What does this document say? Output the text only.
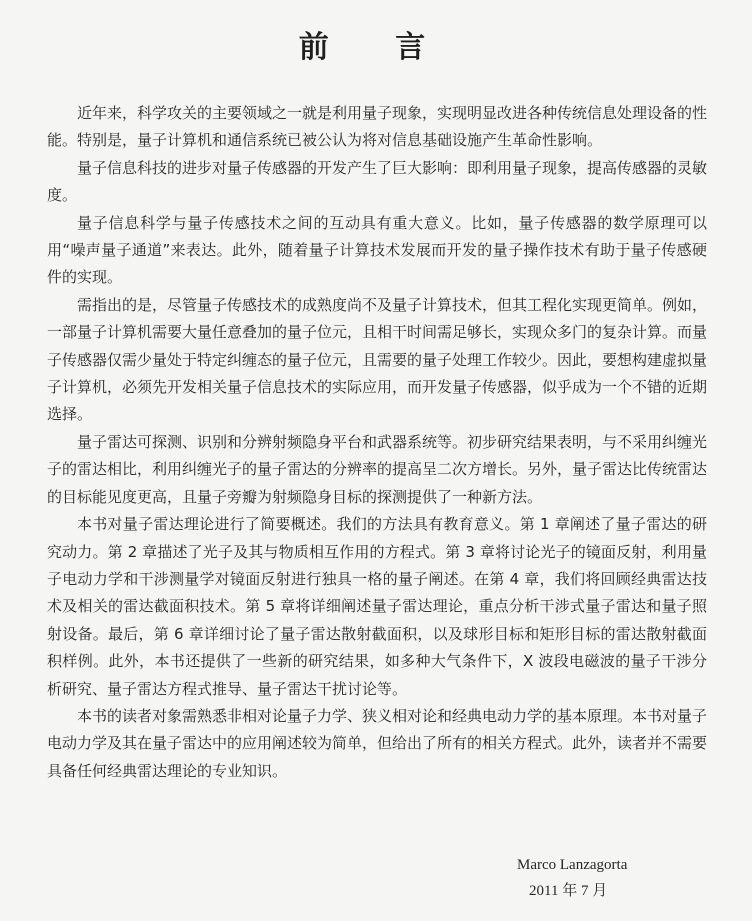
前 言

近年来，科学攻关的主要领域之一就是利用量子现象，实现明显改进各种传统信息处理设备的性能。特别是，量子计算机和通信系统已被公认为将对信息基础设施产生革命性影响。

量子信息科技的进步对量子传感器的开发产生了巨大影响：即利用量子现象，提高传感器的灵敏度。

量子信息科学与量子传感技术之间的互动具有重大意义。比如，量子传感器的数学原理可以用“噪声量子通道”来表达。此外，随着量子计算技术发展而开发的量子操作技术有助于量子传感硬件的实现。

需指出的是，尽管量子传感技术的成熟度尚不及量子计算技术，但其工程化实现更简单。例如，一部量子计算机需要大量任意叠加的量子位元，且相干时间需足够长，实现众多门的复杂计算。而量子传感器仅需少量处于特定纠缠态的量子位元，且需要的量子处理工作较少。因此，要想构建虚拟量子计算机，必须先开发相关量子信息技术的实际应用，而开发量子传感器，似乎成为一个不错的近期选择。

量子雷达可探测、识别和分辨射频隐身平台和武器系统等。初步研究结果表明，与不采用纠缠光子的雷达相比，利用纠缠光子的量子雷达的分辨率的提高呈二次方增长。另外，量子雷达比传统雷达的目标能见度更高，且量子旁瓣为射频隐身目标的探测提供了一种新方法。

本书对量子雷达理论进行了简要概述。我们的方法具有教育意义。第 1 章阐述了量子雷达的研究动力。第 2 章描述了光子及其与物质相互作用的方程式。第 3 章将讨论光子的镜面反射，利用量子电动力学和干涉测量学对镜面反射进行独具一格的量子阐述。在第 4 章，我们将回顾经典雷达技术及相关的雷达截面积技术。第 5 章将详细阐述量子雷达理论，重点分析干涉式量子雷达和量子照射设备。最后，第 6 章详细讨论了量子雷达散射截面积，以及球形目标和矩形目标的雷达散射截面积样例。此外，本书还提供了一些新的研究结果，如多种大气条件下，X 波段电磁波的量子干涉分析研究、量子雷达方程式推导、量子雷达干扰讨论等。

本书的读者对象需熟悉非相对论量子力学、狭义相对论和经典电动力学的基本原理。本书对量子电动力学及其在量子雷达中的应用阐述较为简单，但给出了所有的相关方程式。此外，读者并不需要具备任何经典雷达理论的专业知识。

Marco Lanzagorta
2011 年 7 月
